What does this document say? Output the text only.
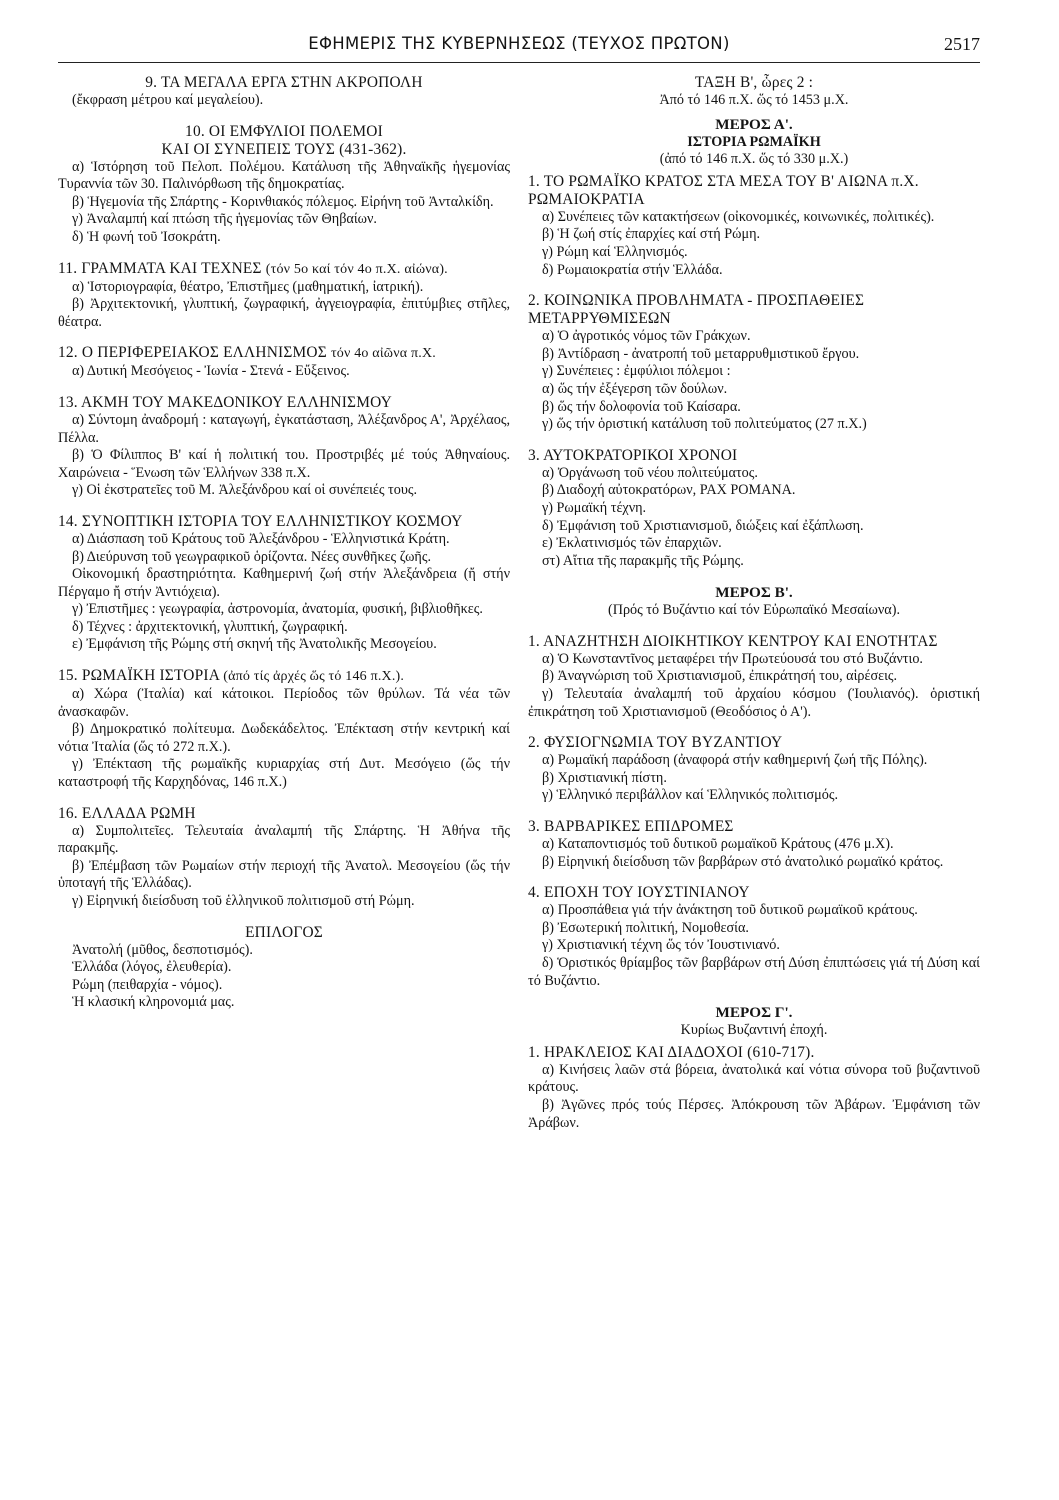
ΕΦΗΜΕΡΙΣ ΤΗΣ ΚΥΒΕΡΝΗΣΕΩΣ (ΤΕΥΧΟΣ ΠΡΩΤΟΝ)	2517
9. ΤΑ ΜΕΓΑΛΑ ΕΡΓΑ ΣΤΗΝ ΑΚΡΟΠΟΛΗ
(ἔκφραση μέτρου καί μεγαλείου).
10. ΟΙ ΕΜΦΥΛΙΟΙ ΠΟΛΕΜΟΙ
ΚΑΙ ΟΙ ΣΥΝΕΠΕΙΣ ΤΟΥΣ (431-362).
α) Ἱστόρηση τοῦ Πελοπ. Πολέμου. Κατάλυση τῆς Ἀθηναϊκῆς ἡγεμονίας Τυραννία τῶν 30. Παλινόρθωση τῆς δημοκρατίας.
β) Ἡγεμονία τῆς Σπάρτης - Κορινθιακός πόλεμος. Εἰρήνη τοῦ Ἀνταλκίδη.
γ) Ἀναλαμπή καί πτώση τῆς ἡγεμονίας τῶν Θηβαίων.
δ) Ἡ φωνή τοῦ Ἰσοκράτη.
11. ΓΡΑΜΜΑΤΑ ΚΑΙ ΤΕΧΝΕΣ (τόν 5ο καί τόν 4ο π.Χ. αἰώνα).
α) Ἱστοριογραφία, θέατρο, Ἐπιστῆμες (μαθηματική, ἰατρική).
β) Ἀρχιτεκτονική, γλυπτική, ζωγραφική, ἀγγειογραφία, ἐπιτύμβιες στῆλες, θέατρα.
12. Ο ΠΕΡΙΦΕΡΕΙΑΚΟΣ ΕΛΛΗΝΙΣΜΟΣ τόν 4ο αἰῶνα π.Χ.
α) Δυτική Μεσόγειος - Ἰωνία - Στενά - Εὔξεινος.
13. ΑΚΜΗ ΤΟΥ ΜΑΚΕΔΟΝΙΚΟΥ ΕΛΛΗΝΙΣΜΟΥ
α) Σύντομη ἀναδρομή : καταγωγή, ἐγκατάσταση, Ἀλέξανδρος Α', Ἀρχέλαος, Πέλλα.
β) Ὁ Φίλιππος Β' καί ἡ πολιτική του. Προστριβές μέ τούς Ἀθηναίους. Χαιρώνεια - Ἕνωση τῶν Ἑλλήνων 338 π.Χ.
γ) Οἱ ἐκστρατεῖες τοῦ Μ. Ἀλεξάνδρου καί οἱ συνέπειές τους.
14. ΣΥΝΟΠΤΙΚΗ ΙΣΤΟΡΙΑ ΤΟΥ ΕΛΛΗΝΙΣΤΙΚΟΥ ΚΟΣΜΟΥ
α) Διάσπαση τοῦ Κράτους τοῦ Ἀλεξάνδρου - Ἑλληνιστικά Κράτη.
β) Διεύρυνση τοῦ γεωγραφικοῦ ὁρίζοντα. Νέες συνθῆκες ζωῆς.
Οἰκονομική δραστηριότητα. Καθημερινή ζωή στήν Ἀλεξάνδρεια (ἤ στήν Πέργαμο ἤ στήν Ἀντιόχεια).
γ) Ἐπιστῆμες : γεωγραφία, ἀστρονομία, ἀνατομία, φυσική, βιβλιοθῆκες.
δ) Τέχνες : ἀρχιτεκτονική, γλυπτική, ζωγραφική.
ε) Ἐμφάνιση τῆς Ρώμης στή σκηνή τῆς Ἀνατολικῆς Μεσογείου.
15. ΡΩΜΑΪΚΗ ΙΣΤΟΡΙΑ (ἀπό τίς ἀρχές ὥς τό 146 π.Χ.).
α) Χώρα (Ἰταλία) καί κάτοικοι. Περίοδος τῶν θρύλων. Τά νέα τῶν ἀνασκαφῶν.
β) Δημοκρατικό πολίτευμα. Δωδεκάδελτος. Ἐπέκταση στήν κεντρική καί νότια Ἰταλία (ὥς τό 272 π.Χ.).
γ) Ἐπέκταση τῆς ρωμαϊκῆς κυριαρχίας στή Δυτ. Μεσόγειο (ὥς τήν καταστροφή τῆς Καρχηδόνας, 146 π.Χ.)
16. ΕΛΛΑΔΑ ΡΩΜΗ
α) Συμπολιτεῖες. Τελευταία ἀναλαμπή τῆς Σπάρτης. Ἡ Ἀθήνα τῆς παρακμῆς.
β) Ἐπέμβαση τῶν Ρωμαίων στήν περιοχή τῆς Ἀνατολ. Μεσογείου (ὥς τήν ὑποταγή τῆς Ἑλλάδας).
γ) Εἰρηνική διείσδυση τοῦ ἑλληνικοῦ πολιτισμοῦ στή Ρώμη.
ΕΠΙΛΟΓΟΣ
Ἀνατολή (μῦθος, δεσποτισμός).
Ἑλλάδα (λόγος, ἐλευθερία).
Ρώμη (πειθαρχία - νόμος).
Ἡ κλασική κληρονομιά μας.
ΤΑΞΗ Β', ὧρες 2 :
Ἀπό τό 146 π.Χ. ὥς τό 1453 μ.Χ.
ΜΕΡΟΣ Α'.
ΙΣΤΟΡΙΑ ΡΩΜΑΪΚΗ
(ἀπό τό 146 π.Χ. ὥς τό 330 μ.Χ.)
1. ΤΟ ΡΩΜΑΪΚΟ ΚΡΑΤΟΣ ΣΤΑ ΜΕΣΑ ΤΟΥ Β' ΑΙΩΝΑ π.Χ. ΡΩΜΑΙΟΚΡΑΤΙΑ
α) Συνέπειες τῶν κατακτήσεων (οἰκονομικές, κοινωνικές, πολιτικές).
β) Ἡ ζωή στίς ἐπαρχίες καί στή Ρώμη.
γ) Ρώμη καί Ἑλληνισμός.
δ) Ρωμαιοκρατία στήν Ἑλλάδα.
2. ΚΟΙΝΩΝΙΚΑ ΠΡΟΒΛΗΜΑΤΑ - ΠΡΟΣΠΑΘΕΙΕΣ ΜΕΤΑΡΡΥΘΜΙΣΕΩΝ
α) Ὁ ἀγροτικός νόμος τῶν Γράκχων.
β) Ἀντίδραση - ἀνατροπή τοῦ μεταρρυθμιστικοῦ ἔργου.
γ) Συνέπειες : ἐμφύλιοι πόλεμοι :
α) ὥς τήν ἐξέγερση τῶν δούλων.
β) ὥς τήν δολοφονία τοῦ Καίσαρα.
γ) ὥς τήν ὁριστική κατάλυση τοῦ πολιτεύματος (27 π.Χ.)
3. ΑΥΤΟΚΡΑΤΟΡΙΚΟΙ ΧΡΟΝΟΙ
α) Ὀργάνωση τοῦ νέου πολιτεύματος.
β) Διαδοχή αὐτοκρατόρων, ΡΑΧ ΡΟΜΑΝΑ.
γ) Ρωμαϊκή τέχνη.
δ) Ἐμφάνιση τοῦ Χριστιανισμοῦ, διώξεις καί ἐξάπλωση.
ε) Ἐκλατινισμός τῶν ἐπαρχιῶν.
στ) Αἴτια τῆς παρακμῆς τῆς Ρώμης.
ΜΕΡΟΣ Β'.
(Πρός τό Βυζάντιο καί τόν Εὐρωπαϊκό Μεσαίωνα).
1. ΑΝΑΖΗΤΗΣΗ ΔΙΟΙΚΗΤΙΚΟΥ ΚΕΝΤΡΟΥ ΚΑΙ ΕΝΟΤΗΤΑΣ
α) Ὁ Κωνσταντῖνος μεταφέρει τήν Πρωτεύουσά του στό Βυζάντιο.
β) Ἀναγνώριση τοῦ Χριστιανισμοῦ, ἐπικράτησή του, αἱρέσεις.
γ) Τελευταία ἀναλαμπή τοῦ ἀρχαίου κόσμου (Ἰουλιανός). ὁριστική ἐπικράτηση τοῦ Χριστιανισμοῦ (Θεοδόσιος ὁ Α').
2. ΦΥΣΙΟΓΝΩΜΙΑ ΤΟΥ ΒΥΖΑΝΤΙΟΥ
α) Ρωμαϊκή παράδοση (ἀναφορά στήν καθημερινή ζωή τῆς Πόλης).
β) Χριστιανική πίστη.
γ) Ἑλληνικό περιβάλλον καί Ἑλληνικός πολιτισμός.
3. ΒΑΡΒΑΡΙΚΕΣ ΕΠΙΔΡΟΜΕΣ
α) Καταποντισμός τοῦ δυτικοῦ ρωμαϊκοῦ Κράτους (476 μ.Χ).
β) Εἰρηνική διείσδυση τῶν βαρβάρων στό ἀνατολικό ρωμαϊκό κράτος.
4. ΕΠΟΧΗ ΤΟΥ ΙΟΥΣΤΙΝΙΑΝΟΥ
α) Προσπάθεια γιά τήν ἀνάκτηση τοῦ δυτικοῦ ρωμαϊκοῦ κράτους.
β) Ἐσωτερική πολιτική, Νομοθεσία.
γ) Χριστιανική τέχνη ὥς τόν Ἰουστινιανό.
δ) Ὁριστικός θρίαμβος τῶν βαρβάρων στή Δύση ἐπιπτώσεις γιά τή Δύση καί τό Βυζάντιο.
ΜΕΡΟΣ Γ'.
Κυρίως Βυζαντινή ἐποχή.
1. ΗΡΑΚΛΕΙΟΣ ΚΑΙ ΔΙΑΔΟΧΟΙ (610-717).
α) Κινήσεις λαῶν στά βόρεια, ἀνατολικά καί νότια σύνορα τοῦ βυζαντινοῦ κράτους.
β) Ἀγῶνες πρός τούς Πέρσες. Ἀπόκρουση τῶν Ἀβάρων. Ἐμφάνιση τῶν Ἀράβων.
